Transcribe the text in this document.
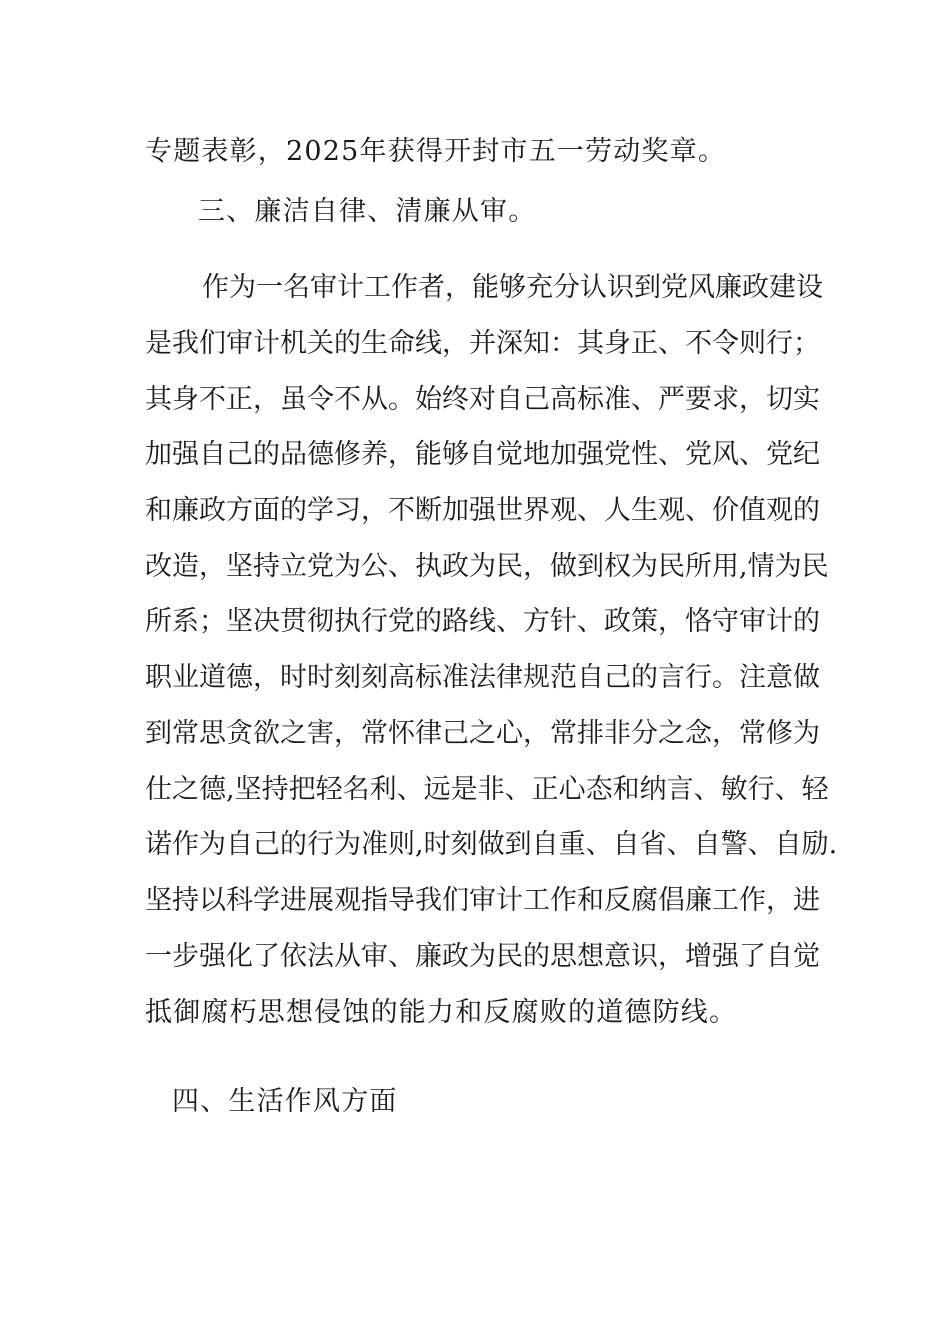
专题表彰，2025年获得开封市五一劳动奖章。
三、廉洁自律、清廉从审。
作为一名审计工作者，能够充分认识到党风廉政建设
是我们审计机关的生命线，并深知：其身正、不令则行；
其身不正，虽令不从。始终对自己高标准、严要求，切实
加强自己的品德修养，能够自觉地加强党性、党风、党纪
和廉政方面的学习，不断加强世界观、人生观、价值观的
改造，坚持立党为公、执政为民，做到权为民所用,情为民
所系；坚决贯彻执行党的路线、方针、政策，恪守审计的
职业道德，时时刻刻高标准法律规范自己的言行。注意做
到常思贪欲之害，常怀律己之心，常排非分之念，常修为
仕之德,坚持把轻名利、远是非、正心态和纳言、敏行、轻
诺作为自己的行为准则,时刻做到自重、自省、自警、自励.
坚持以科学进展观指导我们审计工作和反腐倡廉工作，进
一步强化了依法从审、廉政为民的思想意识，增强了自觉
抵御腐朽思想侵蚀的能力和反腐败的道德防线。
四、生活作风方面
